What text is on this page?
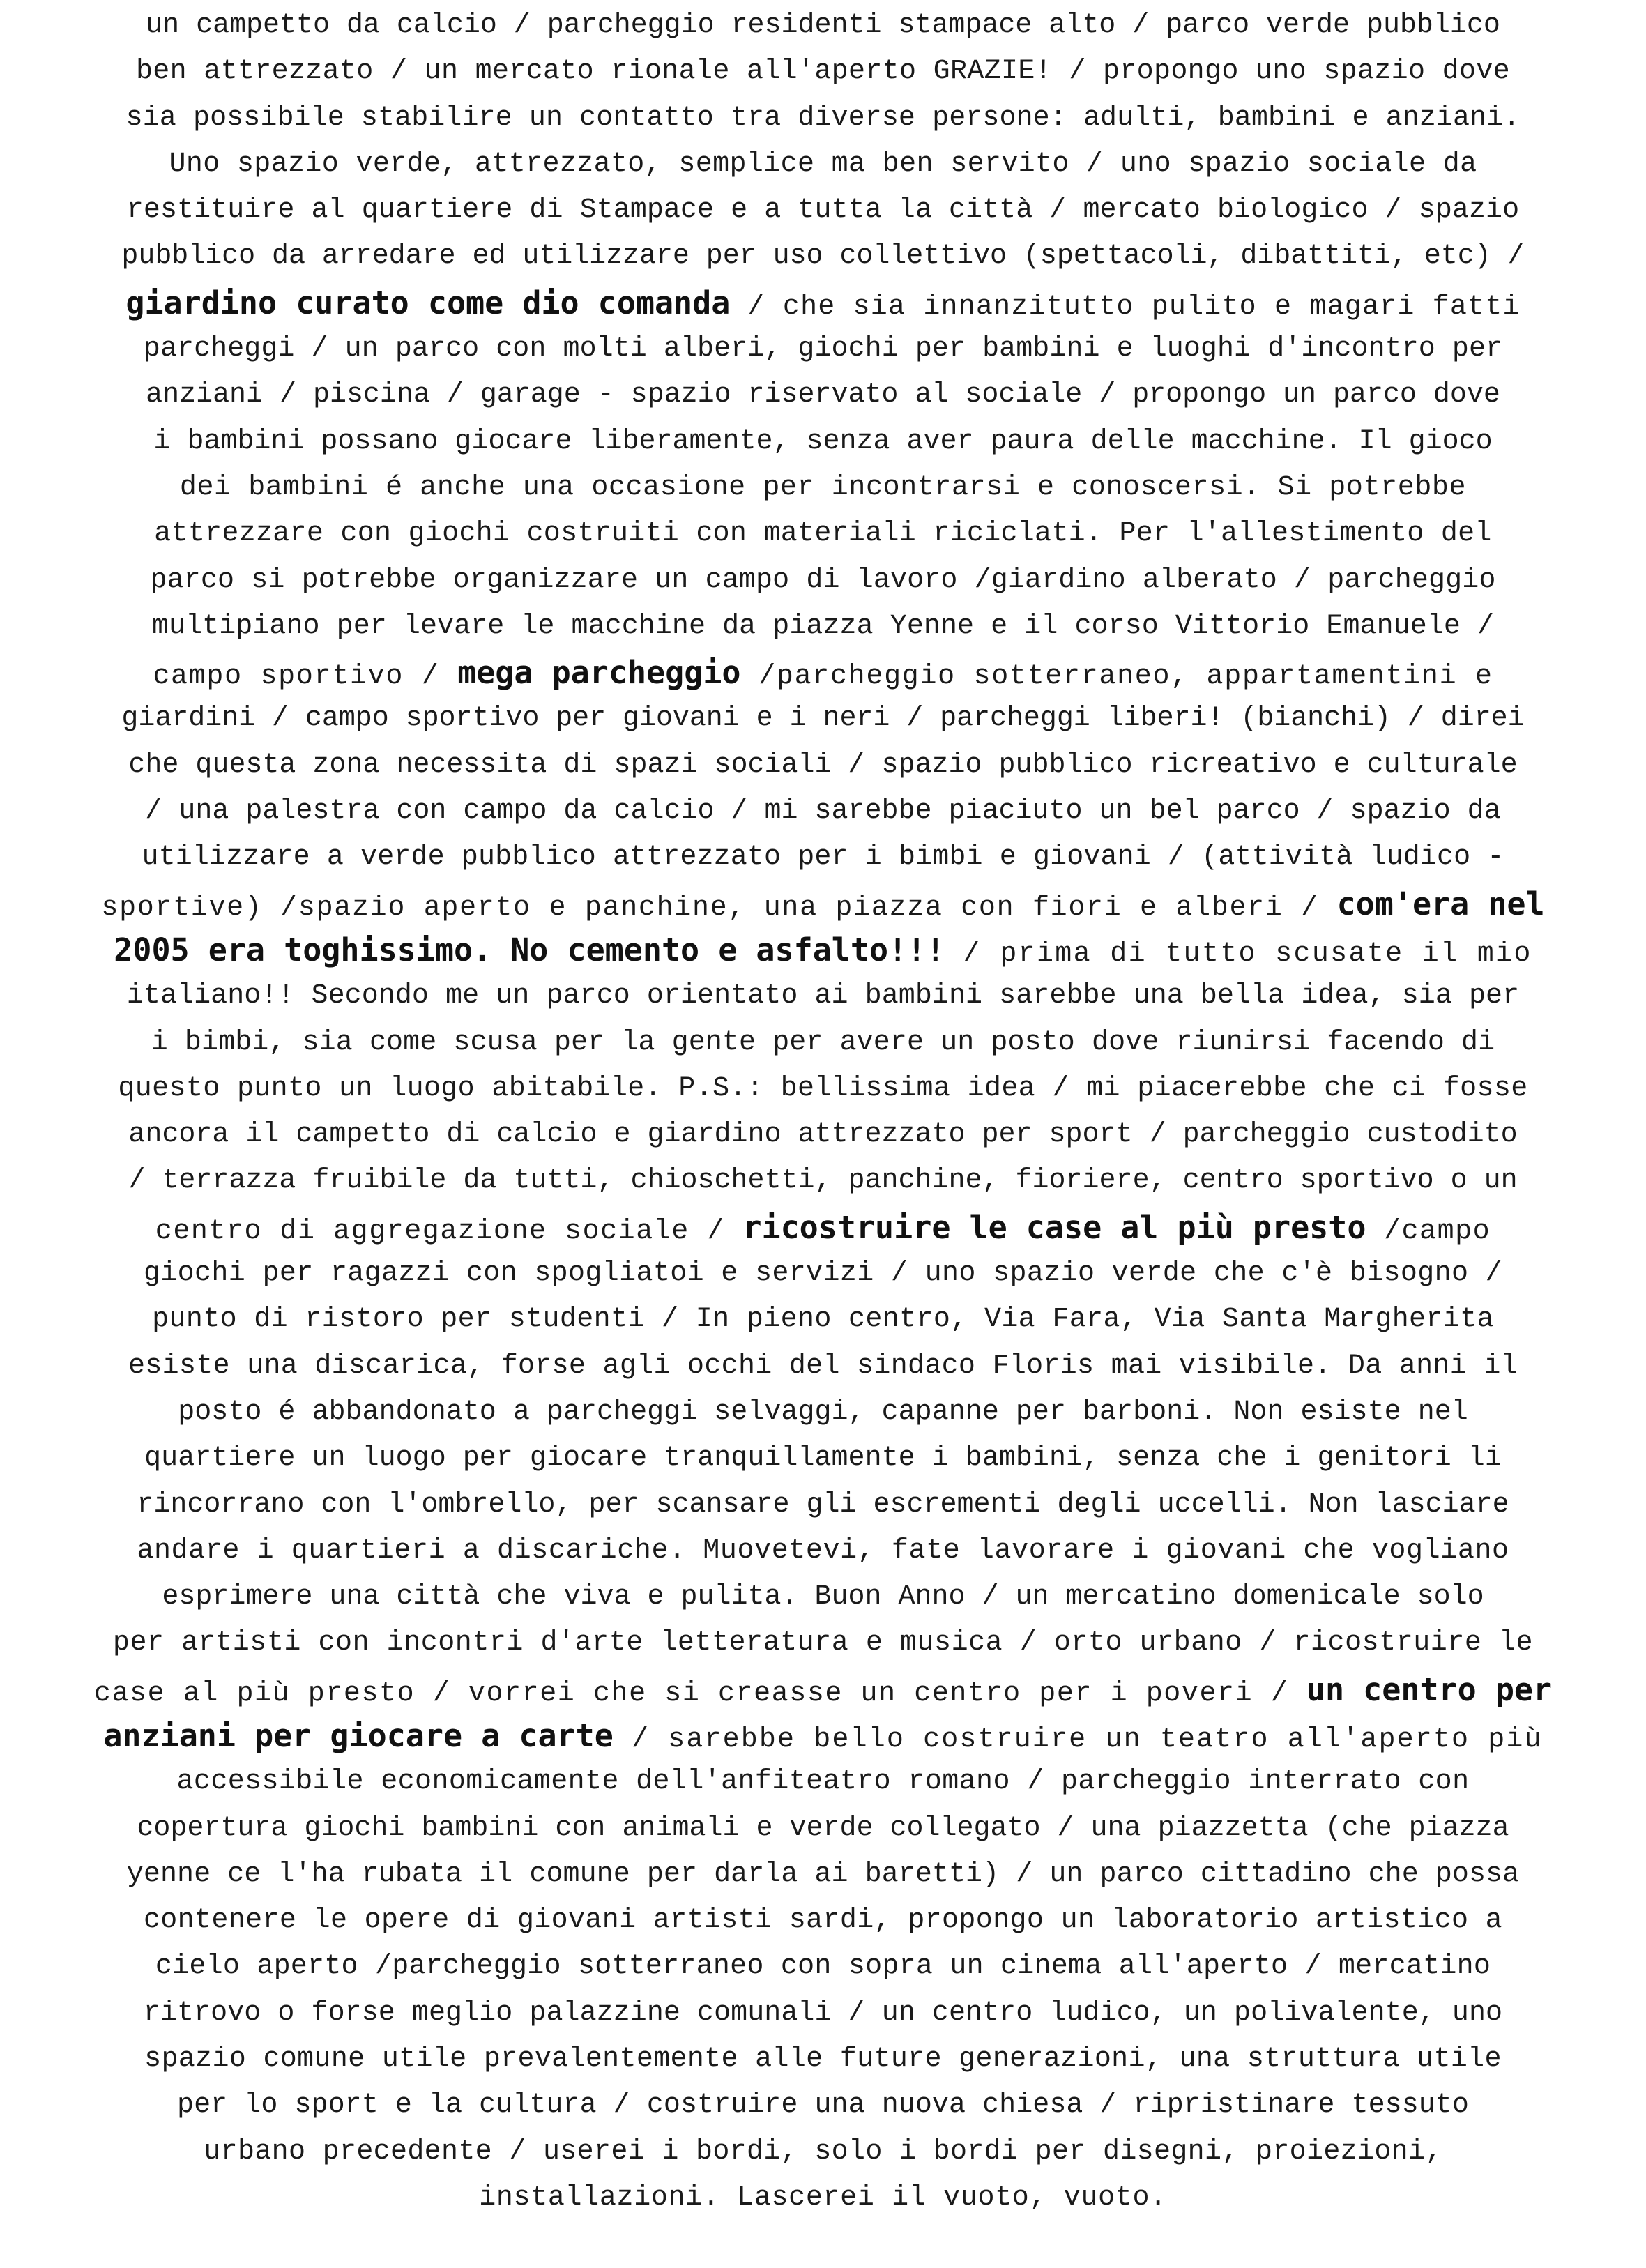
un campetto da calcio / parcheggio residenti stampace alto / parco verde pubblico
ben attrezzato / un mercato rionale all'aperto GRAZIE! / propongo uno spazio dove
sia possibile stabilire un contatto tra diverse persone: adulti, bambini e anziani.
Uno spazio verde, attrezzato, semplice ma ben servito / uno spazio sociale da
restituire al quartiere di Stampace e a tutta la città / mercato biologico / spazio
pubblico da arredare ed utilizzare per uso collettivo (spettacoli, dibattiti, etc) /
giardino curato come dio comanda / che sia innanzitutto pulito e magari fatti
parcheggi / un parco con molti alberi, giochi per bambini e luoghi d'incontro per
anziani / piscina / garage - spazio riservato al sociale / propongo un parco dove
i bambini possano giocare liberamente, senza aver paura delle macchine. Il gioco
dei bambini é anche una occasione per incontrarsi e conoscersi. Si potrebbe
attrezzare con giochi costruiti con materiali riciclati. Per l'allestimento del
parco si potrebbe organizzare un campo di lavoro /giardino alberato / parcheggio
multipiano per levare le macchine da piazza Yenne e il corso Vittorio Emanuele /
campo sportivo / mega parcheggio /parcheggio sotterraneo, appartamentini e
giardini / campo sportivo per giovani e i neri / parcheggi liberi! (bianchi) / direi
che questa zona necessita di spazi sociali / spazio pubblico ricreativo e culturale
/ una palestra con campo da calcio / mi sarebbe piaciuto un bel parco / spazio da
utilizzare a verde pubblico attrezzato per i bimbi e giovani / (attività ludico -
sportive) /spazio aperto e panchine, una piazza con fiori e alberi / com'era nel
2005 era toghissimo. No cemento e asfalto!!! / prima di tutto scusate il mio
italiano!! Secondo me un parco orientato ai bambini sarebbe una bella idea, sia per
i bimbi, sia come scusa per la gente per avere un posto dove riunirsi facendo di
questo punto un luogo abitabile. P.S.: bellissima idea / mi piacerebbe che ci fosse
ancora il campetto di calcio e giardino attrezzato per sport / parcheggio custodito
/ terrazza fruibile da tutti, chioschetti, panchine, fioriere, centro sportivo o un
centro di aggregazione sociale / ricostruire le case al più presto /campo
giochi per ragazzi con spogliatoi e servizi / uno spazio verde che c'è bisogno /
punto di ristoro per studenti / In pieno centro, Via Fara, Via Santa Margherita
esiste una discarica, forse agli occhi del sindaco Floris mai visibile. Da anni il
posto é abbandonato a parcheggi selvaggi, capanne per barboni. Non esiste nel
quartiere un luogo per giocare tranquillamente i bambini, senza che i genitori li
rincorrano con l'ombrello, per scansare gli escrementi degli uccelli. Non lasciare
andare i quartieri a discariche. Muovetevi, fate lavorare i giovani che vogliano
esprimere una città che viva e pulita. Buon Anno / un mercatino domenicale solo
per artisti con incontri d'arte letteratura e musica / orto urbano / ricostruire le
case al più presto / vorrei che si creasse un centro per i poveri / un centro per
anziani per giocare a carte / sarebbe bello costruire un teatro all'aperto più
accessibile economicamente dell'anfiteatro romano / parcheggio interrato con
copertura giochi bambini con animali e verde collegato / una piazzetta (che piazza
yenne ce l'ha rubata il comune per darla ai baretti) / un parco cittadino che possa
contenere le opere di giovani artisti sardi, propongo un laboratorio artistico a
cielo aperto /parcheggio sotterraneo con sopra un cinema all'aperto / mercatino
ritrovo o forse meglio palazzine comunali / un centro ludico, un polivalente, uno
spazio comune utile prevalentemente alle future generazioni, una struttura utile
per lo sport e la cultura / costruire una nuova chiesa / ripristinare tessuto
urbano precedente / userei i bordi, solo i bordi per disegni, proiezioni,
installazioni. Lascerei il vuoto, vuoto.
